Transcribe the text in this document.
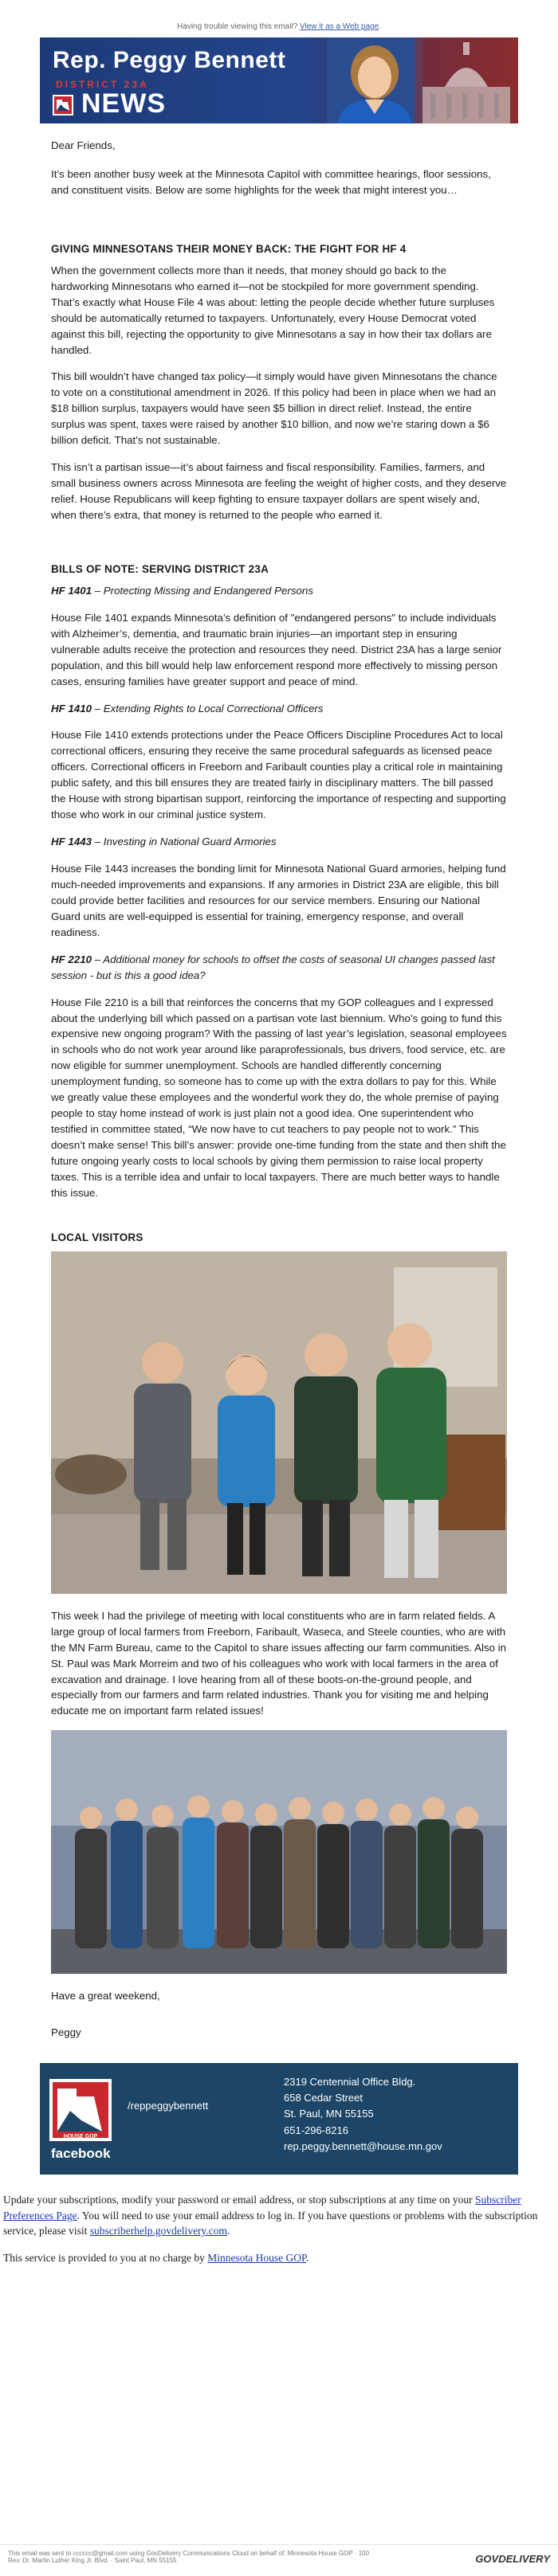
Having trouble viewing this email? View it as a Web page.
Rep. Peggy Bennett
DISTRICT 23A
NEWS

Dear Friends,

It’s been another busy week at the Minnesota Capitol with committee hearings, floor sessions, and constituent visits. Below are some highlights for the week that might interest you…

GIVING MINNESOTANS THEIR MONEY BACK: THE FIGHT FOR HF 4

When the government collects more than it needs, that money should go back to the hardworking Minnesotans who earned it—not be stockpiled for more government spending. That’s exactly what House File 4 was about: letting the people decide whether future surpluses should be automatically returned to taxpayers. Unfortunately, every House Democrat voted against this bill, rejecting the opportunity to give Minnesotans a say in how their tax dollars are handled.

This bill wouldn’t have changed tax policy—it simply would have given Minnesotans the chance to vote on a constitutional amendment in 2026. If this policy had been in place when we had an $18 billion surplus, taxpayers would have seen $5 billion in direct relief. Instead, the entire surplus was spent, taxes were raised by another $10 billion, and now we’re staring down a $6 billion deficit. That’s not sustainable.

This isn’t a partisan issue—it’s about fairness and fiscal responsibility. Families, farmers, and small business owners across Minnesota are feeling the weight of higher costs, and they deserve relief. House Republicans will keep fighting to ensure taxpayer dollars are spent wisely and, when there’s extra, that money is returned to the people who earned it.

BILLS OF NOTE: SERVING DISTRICT 23A

HF 1401 – Protecting Missing and Endangered Persons

House File 1401 expands Minnesota’s definition of "endangered persons" to include individuals with Alzheimer’s, dementia, and traumatic brain injuries—an important step in ensuring vulnerable adults receive the protection and resources they need. District 23A has a large senior population, and this bill would help law enforcement respond more effectively to missing person cases, ensuring families have greater support and peace of mind.

HF 1410 – Extending Rights to Local Correctional Officers

House File 1410 extends protections under the Peace Officers Discipline Procedures Act to local correctional officers, ensuring they receive the same procedural safeguards as licensed peace officers. Correctional officers in Freeborn and Faribault counties play a critical role in maintaining public safety, and this bill ensures they are treated fairly in disciplinary matters. The bill passed the House with strong bipartisan support, reinforcing the importance of respecting and supporting those who work in our criminal justice system.

HF 1443 – Investing in National Guard Armories

House File 1443 increases the bonding limit for Minnesota National Guard armories, helping fund much-needed improvements and expansions. If any armories in District 23A are eligible, this bill could provide better facilities and resources for our service members. Ensuring our National Guard units are well-equipped is essential for training, emergency response, and overall readiness.

HF 2210 – Additional money for schools to offset the costs of seasonal UI changes passed last session - but is this a good idea?

House File 2210 is a bill that reinforces the concerns that my GOP colleagues and I expressed about the underlying bill which passed on a partisan vote last biennium. Who’s going to fund this expensive new ongoing program? With the passing of last year’s legislation, seasonal employees in schools who do not work year around like paraprofessionals, bus drivers, food service, etc. are now eligible for summer unemployment. Schools are handled differently concerning unemployment funding, so someone has to come up with the extra dollars to pay for this. While we greatly value these employees and the wonderful work they do, the whole premise of paying people to stay home instead of work is just plain not a good idea. One superintendent who testified in committee stated, “We now have to cut teachers to pay people not to work.” This doesn’t make sense! This bill’s answer: provide one-time funding from the state and then shift the future ongoing yearly costs to local schools by giving them permission to raise local property taxes. This is a terrible idea and unfair to local taxpayers. There are much better ways to handle this issue.

LOCAL VISITORS

This week I had the privilege of meeting with local constituents who are in farm related fields. A large group of local farmers from Freeborn, Faribault, Waseca, and Steele counties, who are with the MN Farm Bureau, came to the Capitol to share issues affecting our farm communities. Also in St. Paul was Mark Morreim and two of his colleagues who work with local farmers in the area of excavation and drainage. I love hearing from all of these boots-on-the-ground people, and especially from our farmers and farm related industries. Thank you for visiting me and helping educate me on important farm related issues!

Have a great weekend,

Peggy

HOUSE GOP
facebook
/reppeggybennett
2319 Centennial Office Bldg.
658 Cedar Street
St. Paul, MN 55155
651-296-8216
rep.peggy.bennett@house.mn.gov
Update your subscriptions, modify your password or email address, or stop subscriptions at any time on your Subscriber Preferences Page. You will need to use your email address to log in. If you have questions or problems with the subscription service, please visit subscriberhelp.govdelivery.com.
This service is provided to you at no charge by Minnesota House GOP.
This email was sent to cccccc@gmail.com using GovDelivery Communications Cloud on behalf of: Minnesota House GOP · 100
Rev. Dr. Martin Luther King Jr. Blvd. · Saint Paul, MN 55155	GOVDELIVERY
